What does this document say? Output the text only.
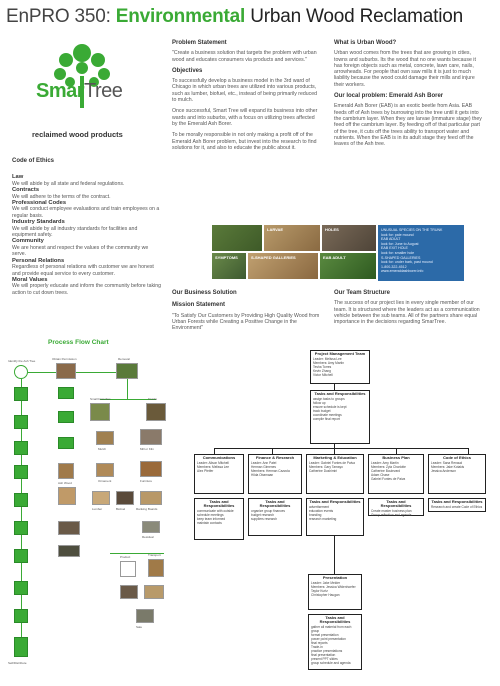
EnPRO 350: Environmental Urban Wood Reclamation
SmarTree
reclaimed wood products
Code of Ethics
Law
We will abide by all state and federal regulations.
Contracts
We will adhere to the terms of the contract.
Professional Codes
We will conduct employee evaluations and train employees on a regular basis.
Industry Standards
We will abide by all industry standards for facilities and equipment safety.
Community
We are honest and respect the values of the community we serve.
Personal Relations
Regardless of personal relations with customer we are honest and provide equal service to every customer.
Moral Values
We will properly educate and inform the community before taking action to cut down trees.
Problem Statement

"Create a business solution that targets the problem with urban wood and educates consumers via products and services."

Objectives

To successfully develop a business model in the 3rd ward of Chicago in which urban trees are utilized into various products, such as lumber, biofuel, etc., instead of being primarily reduced to mulch.

Once successful, Smart Tree will expand its business into other wards and into suburbs, with a focus on utilizing trees affected by the Emerald Ash Borer.

To be morally responsible in not only making a profit off of the Emerald Ash Borer problem, but invest into the research to find solutions for it, and also to educate the public about it.

What is Urban Wood?

Urban wood comes from the trees that are growing in cities, towns and suburbs. Its the wood that no one wants because it has foreign objects such as metal, concrete, lawn care, nails, arrowheads. For people that own saw mills it is just to much liability because the wood could damage their mills and injure their workers.

Our local problem: Emerald Ash Borer

Emerald Ash Borer (EAB) is an exotic beetle from Asia. EAB feeds off of Ash trees by burrowing into the tree until it gets into the cambrium layer. When they are larvae (immature stage) they feed off the cambrium layer. By feeding off of that particular part of the tree, it cuts off the trees ability to transport water and nutrients. When the EAB is in its adult stage they feed off the leaves of the Ash tree.

LARVAE	HOLES
SYMPTOMS	S-SHAPED GALLERIES	EAB ADULT
UNUSUAL SPECIES ON THE TRUNK
look for: pale mound
EAB ADULT
look for: June to August
EAB EXIT HOLE
look for: smaller hole
S-SHAPED GALLERIES
look for: under bark, past mound
1-800-322-4512
www.emeraldashborer.info
Our Business Solution
Mission Statement

"To Satisfy Our Customers by Providing High Quality Wood from Urban Forests while Creating a Positive Change in the Environment"

Our Team Structure

The success of our project lies in every single member of our team. It is structured where the leaders act as a communication vehicle between the sub teams. All of the partners share equal importance in the decisions regarding SmarTree.

Process Flow Chart
Identify the Ash Tree	Obtain Permission	Removal
Ash Wood
Small branches	Trunks
Mulch	Mill or Kiln
Ornament	Furniture
Lumber	Biofuel	Ranking Boards
Residual
Product	Transport
Sale
Sell/Distribute
Project Management Team
Leader: Melissa Lee
Members: Amy Martin
Tesha Torres
Kevin Zhang
Victor Mitchell
Tasks and Responsibilities
assign tasks to groups
follow up
ensure schedule is kept
track budget
coordinate meetings
compile final report
Communications
Leader: Alison Mitchell
Members: Melissa Lee
Alex Pfeifer
Finance & Research
Leader: Ann Patel
Herman Gimenes
Members: Herman Cazzola
Hilda Obamaan
Marketing & Education
Leader: Gabriel Fontes de Paiva
Members: Gary Tamayo
Catherine Dushimiri
Business Plan
Leader: Amy Martin
Members: Zyla Charlotte
Catherine Boulevard
Adam Chase
Gabriel Fontes de Paiva
Code of Ethics
Leader: Sana Renaud
Members: Jake Kotakis
Jessica Anderson
Tasks and Responsibilities
communicate with outside
schedule meetings
keep team informed
maintain contacts
Tasks and Responsibilities
organize group finances
budget research
suppliers research
Tasks and Responsibilities
advertisement
education events
branding
research marketing
Tasks and Responsibilities
Create master business plan
Group reflection and agenda
Tasks and Responsibilities
Research and create Code of Ethics
Presentation
Leader: Jake Melder
Members: Jessica Widenhoefer
Taylor Kurtz
Christopher Haugan
Tasks and Responsibilities
gather all material from each group
format presentation
power point presentation
final reports
Trade-in
practice presentations
final presentation
present PPT slides
group schedule and agenda
